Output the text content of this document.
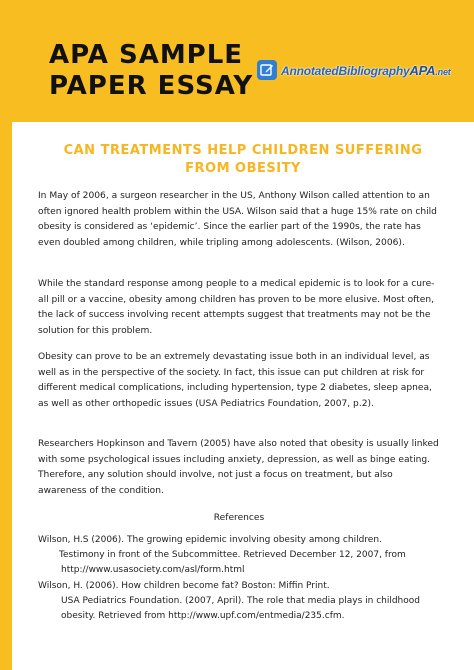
APA SAMPLE
PAPER ESSAY
AnnotatedBibliographyAPA.net
CAN TREATMENTS HELP CHILDREN SUFFERING FROM OBESITY

In May of 2006, a surgeon researcher in the US, Anthony Wilson called attention to an often ignored health problem within the USA. Wilson said that a huge 15% rate on child obesity is considered as ‘epidemic’. Since the earlier part of the 1990s, the rate has even doubled among children, while tripling among adolescents. (Wilson, 2006).

While the standard response among people to a medical epidemic is to look for a cure-all pill or a vaccine, obesity among children has proven to be more elusive. Most often, the lack of success involving recent attempts suggest that treatments may not be the solution for this problem.

Obesity can prove to be an extremely devastating issue both in an individual level, as well as in the perspective of the society. In fact, this issue can put children at risk for different medical complications, including hypertension, type 2 diabetes, sleep apnea, as well as other orthopedic issues (USA Pediatrics Foundation, 2007, p.2).

Researchers Hopkinson and Tavern (2005) have also noted that obesity is usually linked with some psychological issues including anxiety, depression, as well as binge eating. Therefore, any solution should involve, not just a focus on treatment, but also awareness of the condition.

References

Wilson, H.S (2006). The growing epidemic involving obesity among children.
Testimony in front of the Subcommittee. Retrieved December 12, 2007, from
http://www.usasociety.com/asl/form.html
Wilson, H. (2006). How children become fat? Boston: Miffin Print.
USA Pediatrics Foundation. (2007, April). The role that media plays in childhood
obesity. Retrieved from http://www.upf.com/entmedia/235.cfm.
